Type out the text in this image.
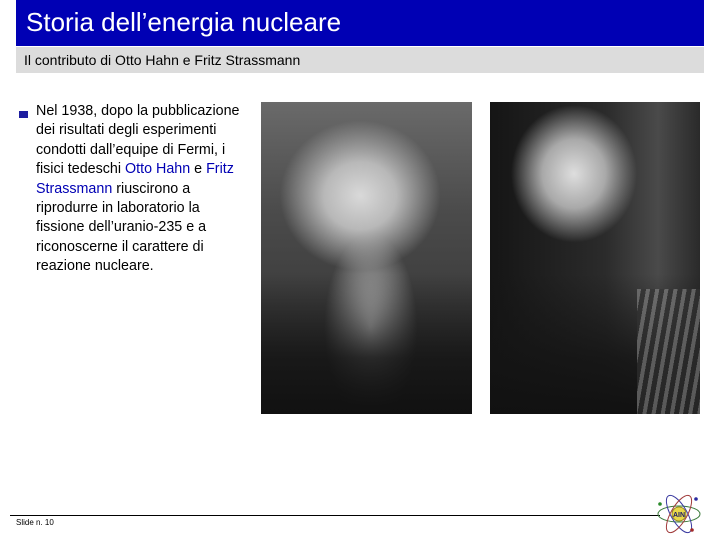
Storia dell’energia nucleare
Il contributo di Otto Hahn e Fritz Strassmann
Nel 1938, dopo la pubblicazione dei risultati degli esperimenti condotti dall’equipe di Fermi, i fisici tedeschi Otto Hahn e Fritz Strassmann riuscirono a riprodurre in laboratorio la fissione dell’uranio-235 e a riconoscerne il carattere di reazione nucleare.
Slide n. 10
AIN
